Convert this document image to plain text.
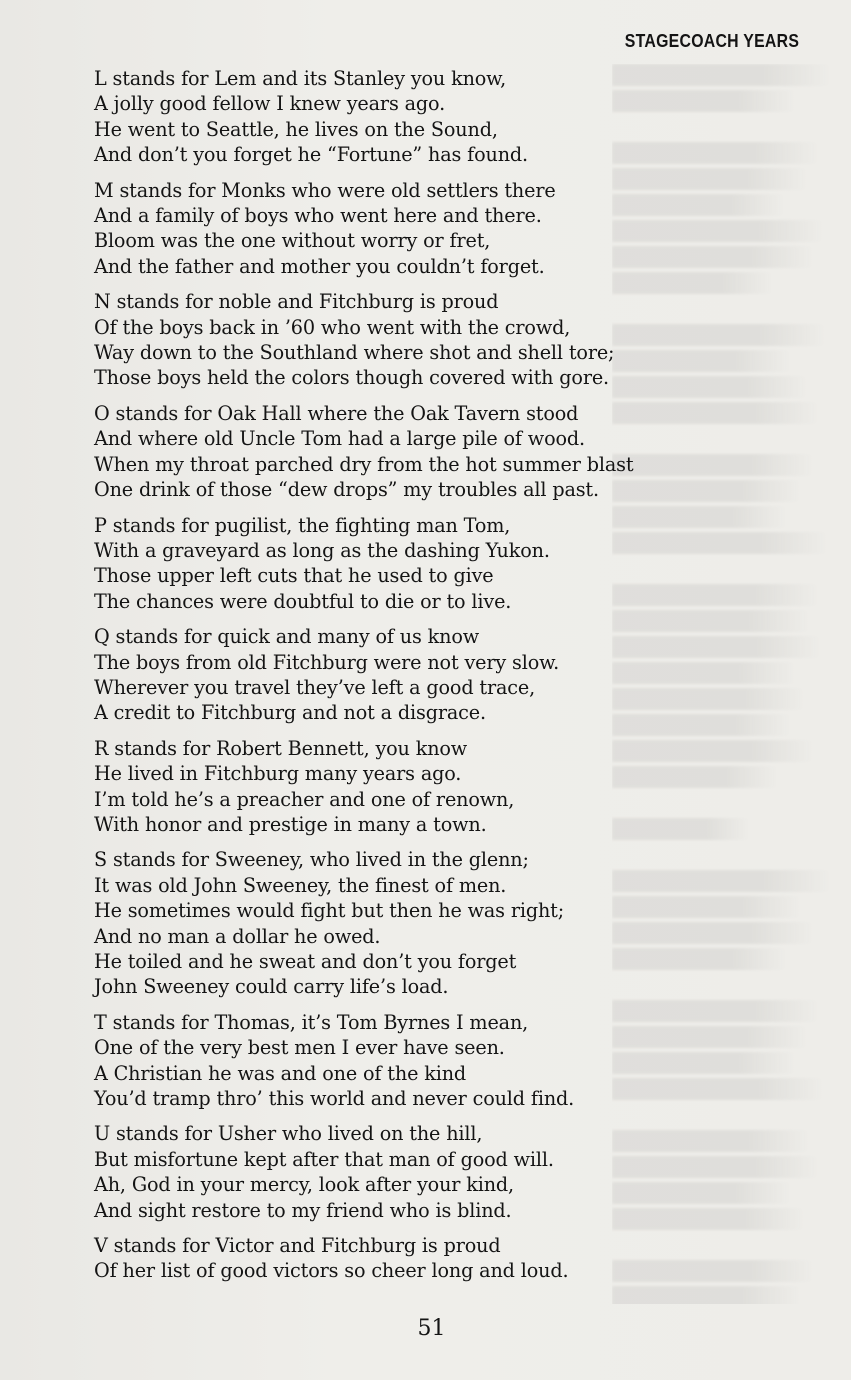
STAGECOACH YEARS
L stands for Lem and its Stanley you know,
A jolly good fellow I knew years ago.
He went to Seattle, he lives on the Sound,
And don’t you forget he “Fortune” has found.
M stands for Monks who were old settlers there
And a family of boys who went here and there.
Bloom was the one without worry or fret,
And the father and mother you couldn’t forget.
N stands for noble and Fitchburg is proud
Of the boys back in ’60 who went with the crowd,
Way down to the Southland where shot and shell tore;
Those boys held the colors though covered with gore.
O stands for Oak Hall where the Oak Tavern stood
And where old Uncle Tom had a large pile of wood.
When my throat parched dry from the hot summer blast
One drink of those “dew drops” my troubles all past.
P stands for pugilist, the fighting man Tom,
With a graveyard as long as the dashing Yukon.
Those upper left cuts that he used to give
The chances were doubtful to die or to live.
Q stands for quick and many of us know
The boys from old Fitchburg were not very slow.
Wherever you travel they’ve left a good trace,
A credit to Fitchburg and not a disgrace.
R stands for Robert Bennett, you know
He lived in Fitchburg many years ago.
I’m told he’s a preacher and one of renown,
With honor and prestige in many a town.
S stands for Sweeney, who lived in the glenn;
It was old John Sweeney, the finest of men.
He sometimes would fight but then he was right;
And no man a dollar he owed.
He toiled and he sweat and don’t you forget
John Sweeney could carry life’s load.
T stands for Thomas, it’s Tom Byrnes I mean,
One of the very best men I ever have seen.
A Christian he was and one of the kind
You’d tramp thro’ this world and never could find.
U stands for Usher who lived on the hill,
But misfortune kept after that man of good will.
Ah, God in your mercy, look after your kind,
And sight restore to my friend who is blind.
V stands for Victor and Fitchburg is proud
Of her list of good victors so cheer long and loud.
51
